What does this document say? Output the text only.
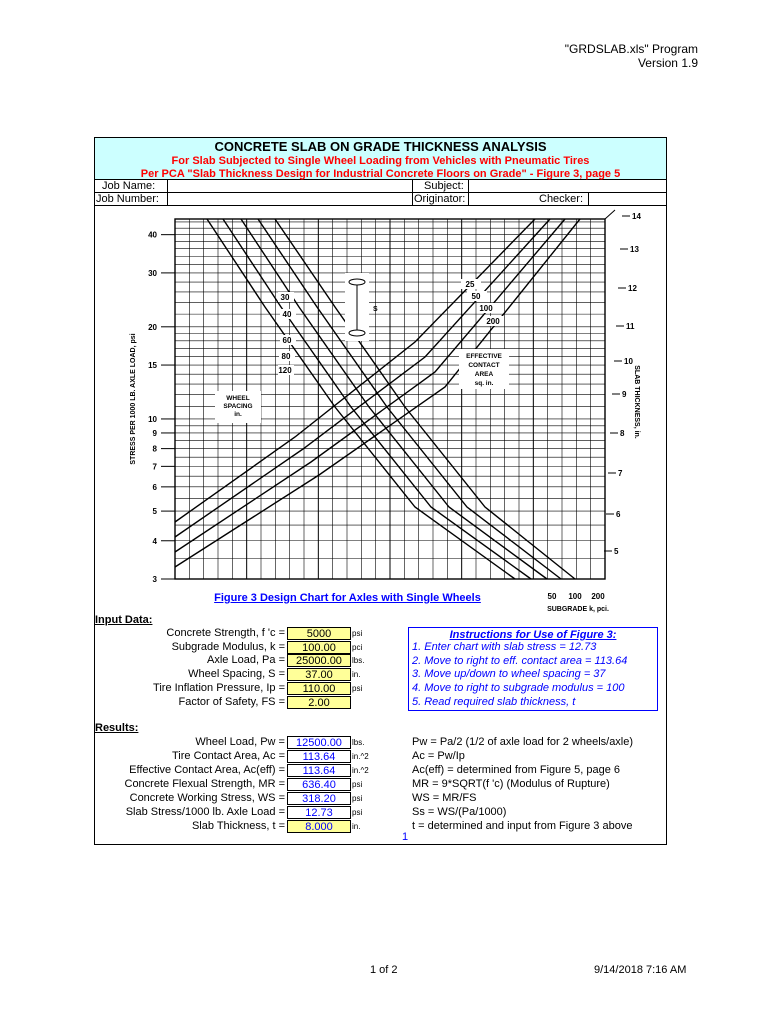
"GRDSLAB.xls" Program
Version 1.9
CONCRETE SLAB ON GRADE THICKNESS ANALYSIS
For Slab Subjected to Single Wheel Loading from Vehicles with Pneumatic Tires
Per PCA "Slab Thickness Design for Industrial Concrete Floors on Grade" - Figure 3, page 5
Job Name:	Subject:
Job Number:	Originator:	Checker:
3
4
5
6
7
8
9
10
15
20
30
40
STRESS PER 1000 LB. AXLE LOAD, psi
30
40
60
80
120
WHEEL
SPACING
in.
25
50
100
200
EFFECTIVE
CONTACT
AREA
sq. in.
S
5
6
7
8
9
10
11
12
13
14
SLAB THICKNESS, in.
50 100 200
SUBGRADE k, pci.
Figure 3 Design Chart for Axles with Single Wheels
Input Data:
Concrete Strength, f 'c =	5000	psi
Subgrade Modulus, k =	100.00	pci
Axle Load, Pa =	25000.00	lbs.
Wheel Spacing, S =	37.00	in.
Tire Inflation Pressure, Ip =	110.00	psi
Factor of Safety, FS =	2.00
Instructions for Use of Figure 3:
1. Enter chart with slab stress = 12.73
2. Move to right to eff. contact area = 113.64
3. Move up/down to wheel spacing = 37
4. Move to right to subgrade modulus = 100
5. Read required slab thickness, t
Results:
Wheel Load, Pw =	12500.00	lbs.	Pw = Pa/2 (1/2 of axle load for 2 wheels/axle)
Tire Contact Area, Ac =	113.64	in.^2	Ac = Pw/Ip
Effective Contact Area, Ac(eff) =	113.64	in.^2	Ac(eff) = determined from Figure 5, page 6
Concrete Flexual Strength, MR =	636.40	psi	MR = 9*SQRT(f 'c) (Modulus of Rupture)
Concrete Working Stress, WS =	318.20	psi	WS = MR/FS
Slab Stress/1000 lb. Axle Load =	12.73	psi	Ss = WS/(Pa/1000)
Slab Thickness, t =	8.000	in.	t = determined and input from Figure 3 above
1
1 of 2	9/14/2018 7:16 AM
